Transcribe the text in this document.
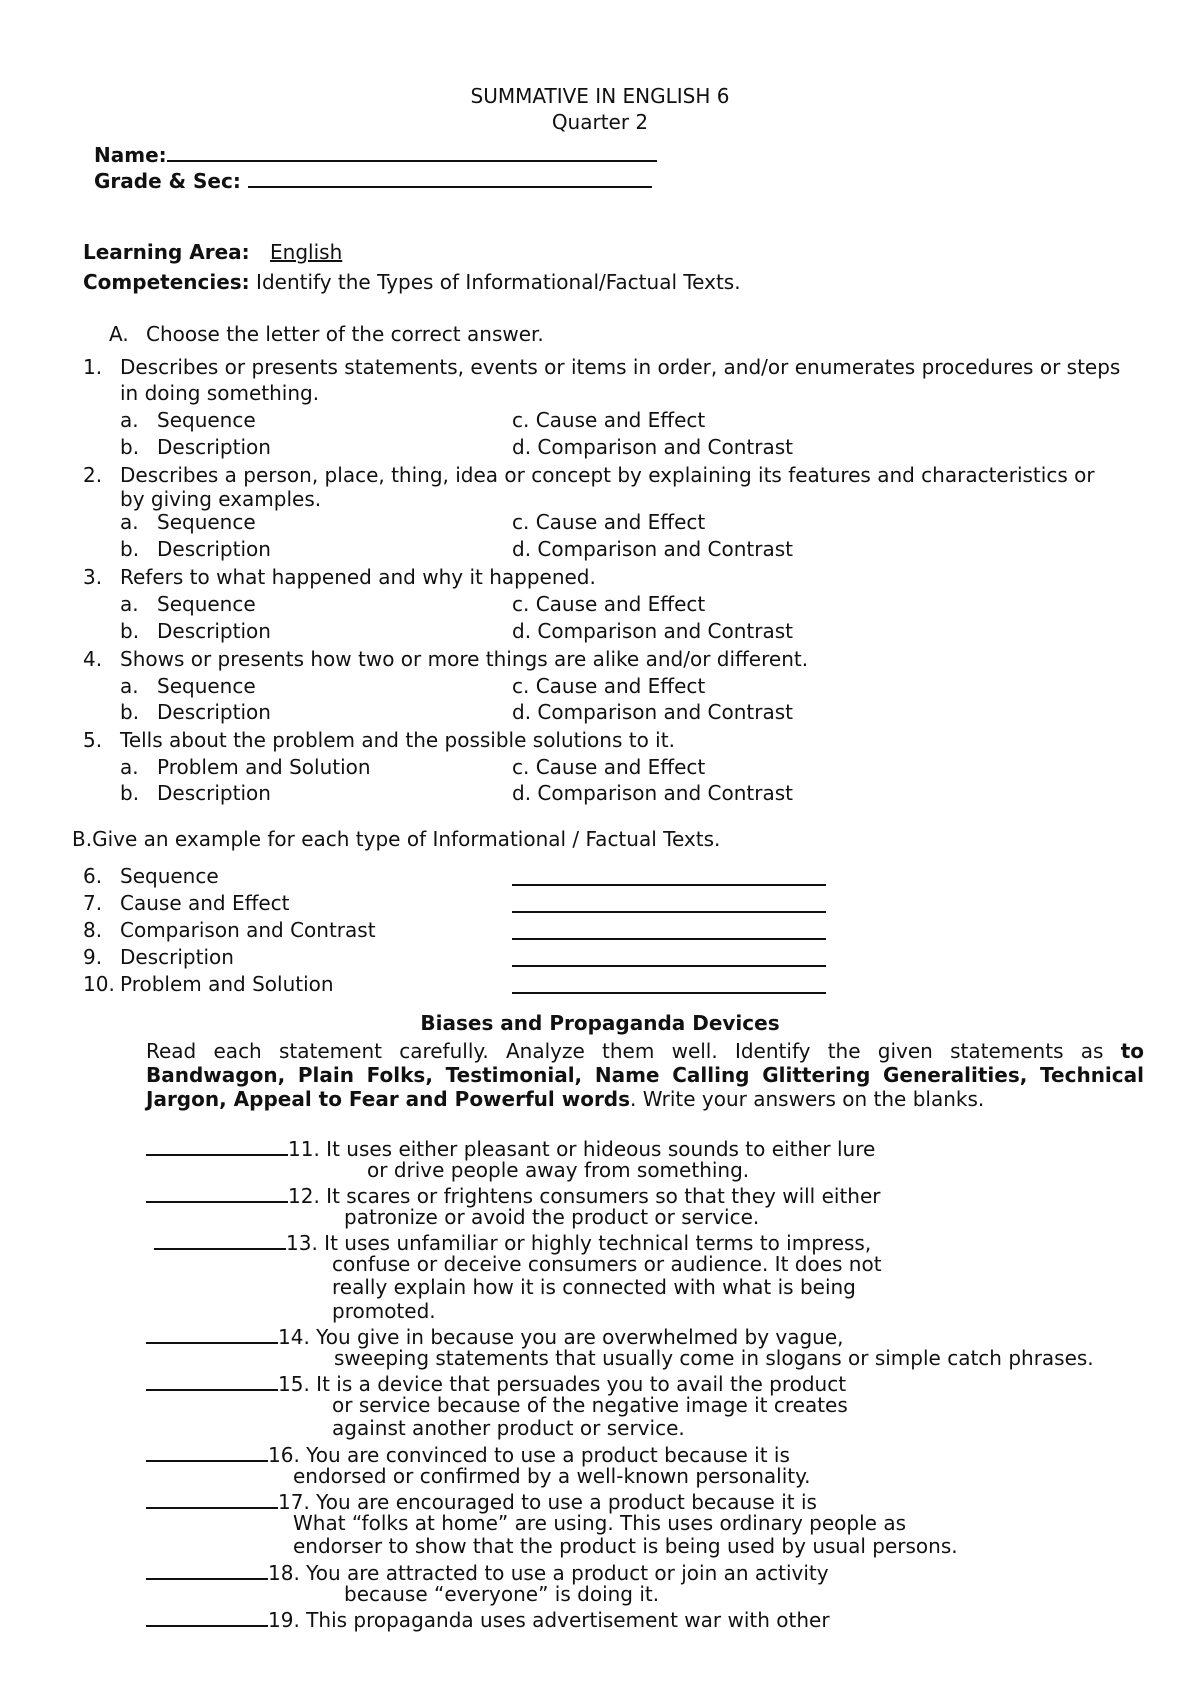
SUMMATIVE IN ENGLISH 6
Quarter 2
Name:
Grade & Sec:
Learning Area: English
Competencies: Identify the Types of Informational/Factual Texts.
A. Choose the letter of the correct answer.
1. Describes or presents statements, events or items in order, and/or enumerates procedures or steps
in doing something.
a. Sequence	c. Cause and Effect
b. Description	d. Comparison and Contrast
2. Describes a person, place, thing, idea or concept by explaining its features and characteristics or
by giving examples.
a. Sequence	c. Cause and Effect
b. Description	d. Comparison and Contrast
3. Refers to what happened and why it happened.
a. Sequence	c. Cause and Effect
b. Description	d. Comparison and Contrast
4. Shows or presents how two or more things are alike and/or different.
a. Sequence	c. Cause and Effect
b. Description	d. Comparison and Contrast
5. Tells about the problem and the possible solutions to it.
a. Problem and Solution	c. Cause and Effect
b. Description	d. Comparison and Contrast
B.Give an example for each type of Informational / Factual Texts.
6. Sequence
7. Cause and Effect
8. Comparison and Contrast
9. Description
10. Problem and Solution
Biases and Propaganda Devices

Read each statement carefully. Analyze them well. Identify the given statements as to

Bandwagon, Plain Folks, Testimonial, Name Calling Glittering Generalities, Technical

Jargon, Appeal to Fear and Powerful words. Write your answers on the blanks.

11. It uses either pleasant or hideous sounds to either lure
or drive people away from something.
12. It scares or frightens consumers so that they will either
patronize or avoid the product or service.
13. It uses unfamiliar or highly technical terms to impress,
confuse or deceive consumers or audience. It does not
really explain how it is connected with what is being
promoted.
14. You give in because you are overwhelmed by vague,
sweeping statements that usually come in slogans or simple catch phrases.
15. It is a device that persuades you to avail the product
or service because of the negative image it creates
against another product or service.
16. You are convinced to use a product because it is
endorsed or confirmed by a well-known personality.
17. You are encouraged to use a product because it is
What “folks at home” are using. This uses ordinary people as
endorser to show that the product is being used by usual persons.
18. You are attracted to use a product or join an activity
because “everyone” is doing it.
19. This propaganda uses advertisement war with other
